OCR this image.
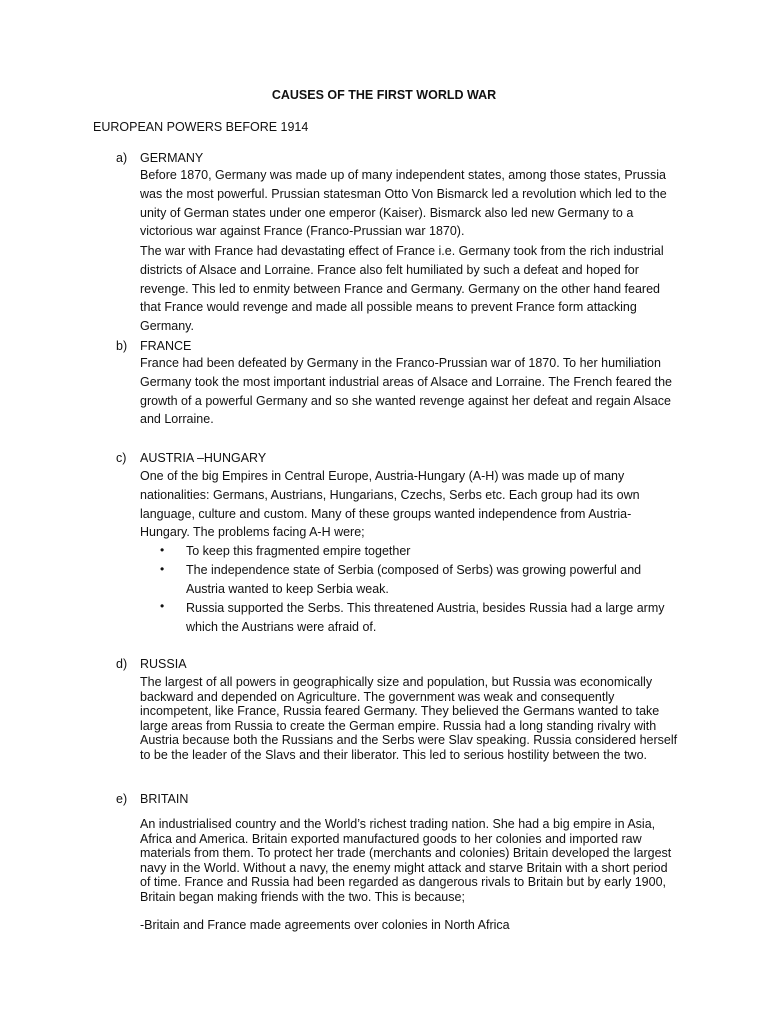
CAUSES OF THE FIRST WORLD WAR
EUROPEAN POWERS BEFORE 1914
a) GERMANY

Before 1870, Germany was made up of many independent states, among those states, Prussia was the most powerful. Prussian statesman Otto Von Bismarck led a revolution which led to the unity of German states under one emperor (Kaiser). Bismarck also led new Germany to a victorious war against France (Franco-Prussian war 1870).

The war with France had devastating effect of France i.e. Germany took from the rich industrial districts of Alsace and Lorraine. France also felt humiliated by such a defeat and hoped for revenge. This led to enmity between France and Germany. Germany on the other hand feared that France would revenge and made all possible means to prevent France form attacking Germany.

b) FRANCE

France had been defeated by Germany in the Franco-Prussian war of 1870. To her humiliation Germany took the most important industrial areas of Alsace and Lorraine. The French feared the growth of a powerful Germany and so she wanted revenge against her defeat and regain Alsace and Lorraine.

c) AUSTRIA –HUNGARY

One of the big Empires in Central Europe, Austria-Hungary (A-H) was made up of many nationalities: Germans, Austrians, Hungarians, Czechs, Serbs etc. Each group had its own language, culture and custom. Many of these groups wanted independence from Austria-Hungary. The problems facing A-H were;

• To keep this fragmented empire together

• The independence state of Serbia (composed of Serbs) was growing powerful and Austria wanted to keep Serbia weak.

• Russia supported the Serbs. This threatened Austria, besides Russia had a large army which the Austrians were afraid of.

d) RUSSIA

The largest of all powers in geographically size and population, but Russia was economically backward and depended on Agriculture. The government was weak and consequently incompetent, like France, Russia feared Germany. They believed the Germans wanted to take large areas from Russia to create the German empire. Russia had a long standing rivalry with Austria because both the Russians and the Serbs were Slav speaking. Russia considered herself to be the leader of the Slavs and their liberator. This led to serious hostility between the two.

e) BRITAIN

An industrialised country and the World’s richest trading nation. She had a big empire in Asia, Africa and America. Britain exported manufactured goods to her colonies and imported raw materials from them. To protect her trade (merchants and colonies) Britain developed the largest navy in the World. Without a navy, the enemy might attack and starve Britain with a short period of time. France and Russia had been regarded as dangerous rivals to Britain but by early 1900, Britain began making friends with the two. This is because;

-Britain and France made agreements over colonies in North Africa
